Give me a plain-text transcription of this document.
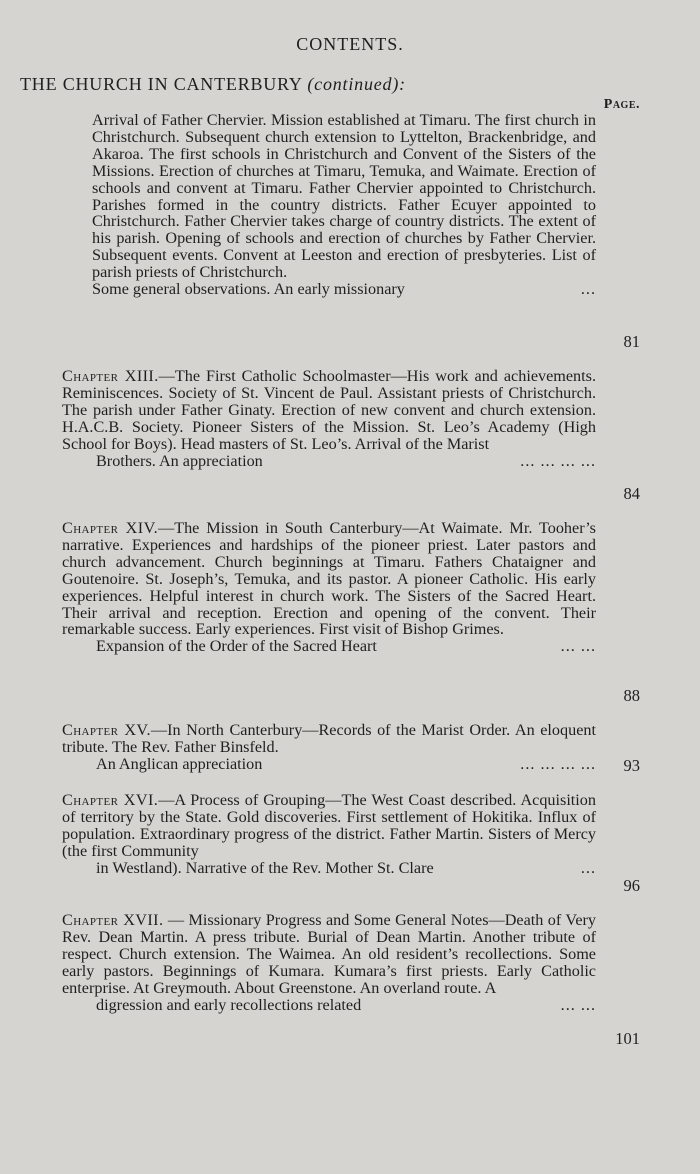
CONTENTS.
THE CHURCH IN CANTERBURY (continued):
Page.
Arrival of Father Chervier. Mission established at Timaru. The first church in Christchurch. Subsequent church extension to Lyttelton, Brackenbridge, and Akaroa. The first schools in Christchurch and Convent of the Sisters of the Missions. Erection of churches at Timaru, Temuka, and Waimate. Erection of schools and convent at Timaru. Father Chervier appointed to Christchurch. Parishes formed in the country districts. Father Ecuyer appointed to Christchurch. Father Chervier takes charge of country districts. The extent of his parish. Opening of schools and erection of churches by Father Chervier. Subsequent events. Convent at Leeston and erection of presbyteries. List of parish priests of Christchurch.
Some general observations. An early missionary	...
81
Chapter XIII.—The First Catholic Schoolmaster—His work and achievements. Reminiscences. Society of St. Vincent de Paul. Assistant priests of Christchurch. The parish under Father Ginaty. Erection of new convent and church extension. H.A.C.B. Society. Pioneer Sisters of the Mission. St. Leo’s Academy (High School for Boys). Head masters of St. Leo’s. Arrival of the Marist
Brothers. An appreciation	... ... ... ...
84
Chapter XIV.—The Mission in South Canterbury—At Waimate. Mr. Tooher’s narrative. Experiences and hardships of the pioneer priest. Later pastors and church advancement. Church beginnings at Timaru. Fathers Chataigner and Goutenoire. St. Joseph’s, Temuka, and its pastor. A pioneer Catholic. His early experiences. Helpful interest in church work. The Sisters of the Sacred Heart. Their arrival and reception. Erection and opening of the convent. Their remarkable success. Early experiences. First visit of Bishop Grimes.
Expansion of the Order of the Sacred Heart	... ...
88
Chapter XV.—In North Canterbury—Records of the Marist Order. An eloquent tribute. The Rev. Father Binsfeld.
An Anglican appreciation	... ... ... ... 93
Chapter XVI.—A Process of Grouping—The West Coast described. Acquisition of territory by the State. Gold discoveries. First settlement of Hokitika. Influx of population. Extraordinary progress of the district. Father Martin. Sisters of Mercy (the first Community
in Westland). Narrative of the Rev. Mother St. Clare	...
96
Chapter XVII. — Missionary Progress and Some General Notes—Death of Very Rev. Dean Martin. A press tribute. Burial of Dean Martin. Another tribute of respect. Church extension. The Waimea. An old resident’s recollections. Some early pastors. Beginnings of Kumara. Kumara’s first priests. Early Catholic enterprise. At Greymouth. About Greenstone. An overland route. A
digression and early recollections related	... ...
101
